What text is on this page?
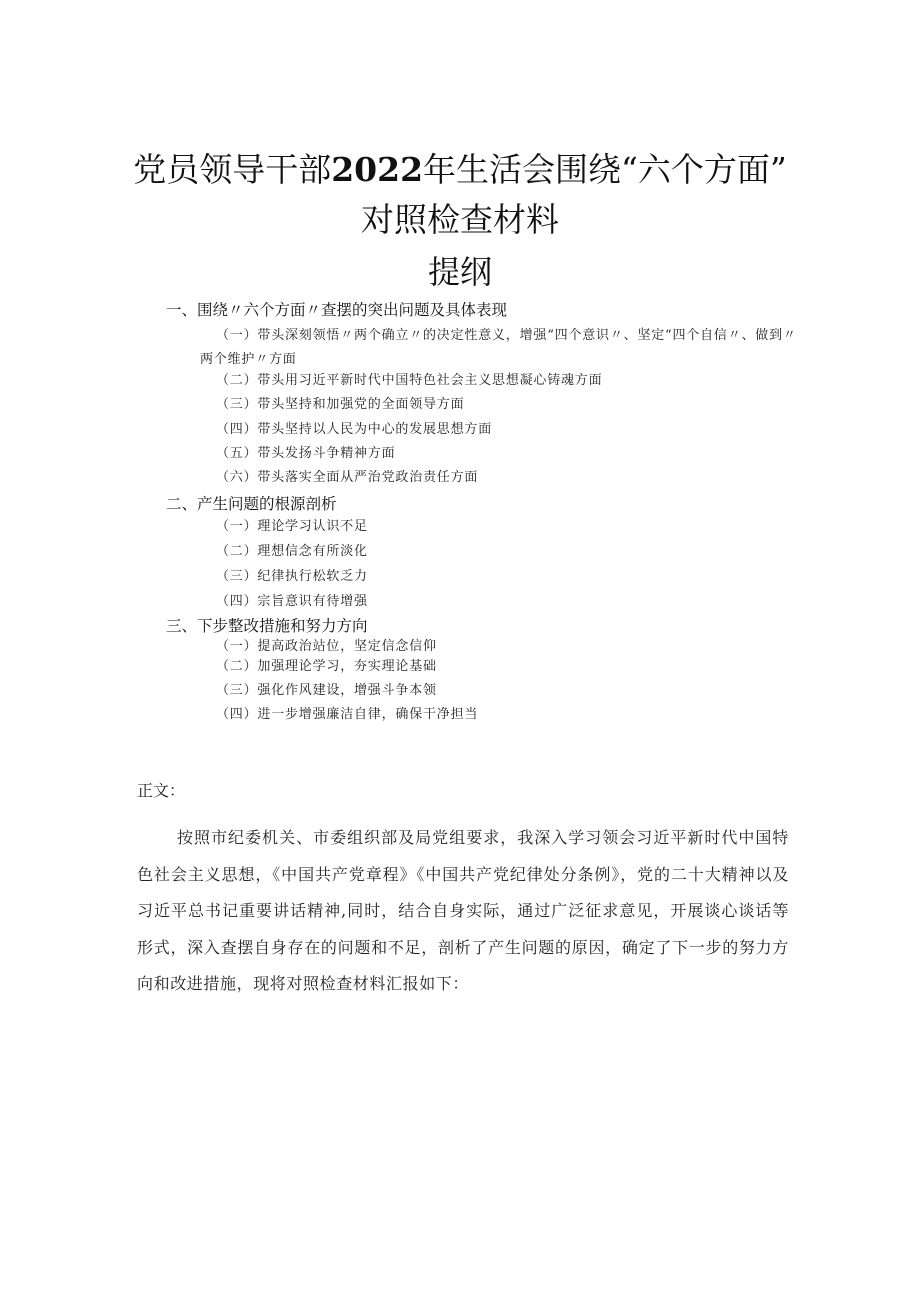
党员领导干部2022年生活会围绕“六个方面”
对照检查材料
提纲
一、围绕〃六个方面〃查摆的突出问题及具体表现
（一）带头深刻领悟〃两个确立〃的决定性意义，增强“四个意识〃、坚定“四个自信〃、做到〃两个维护〃方面
（二）带头用习近平新时代中国特色社会主义思想凝心铸魂方面
（三）带头坚持和加强党的全面领导方面
（四）带头坚持以人民为中心的发展思想方面
（五）带头发扬斗争精神方面
（六）带头落实全面从严治党政治责任方面
二、产生问题的根源剖析
（一）理论学习认识不足
（二）理想信念有所淡化
（三）纪律执行松软乏力
（四）宗旨意识有待增强
三、下步整改措施和努力方向
（一）提高政治站位，坚定信念信仰
（二）加强理论学习，夯实理论基础
（三）强化作风建设，增强斗争本领
（四）进一步增强廉洁自律，确保干净担当
正文：
按照市纪委机关、市委组织部及局党组要求，我深入学习领会习近平新时代中国特色社会主义思想，《中国共产党章程》《中国共产党纪律处分条例》，党的二十大精神以及习近平总书记重要讲话精神,同时，结合自身实际，通过广泛征求意见，开展谈心谈话等形式，深入查摆自身存在的问题和不足，剖析了产生问题的原因，确定了下一步的努力方向和改进措施，现将对照检查材料汇报如下：
